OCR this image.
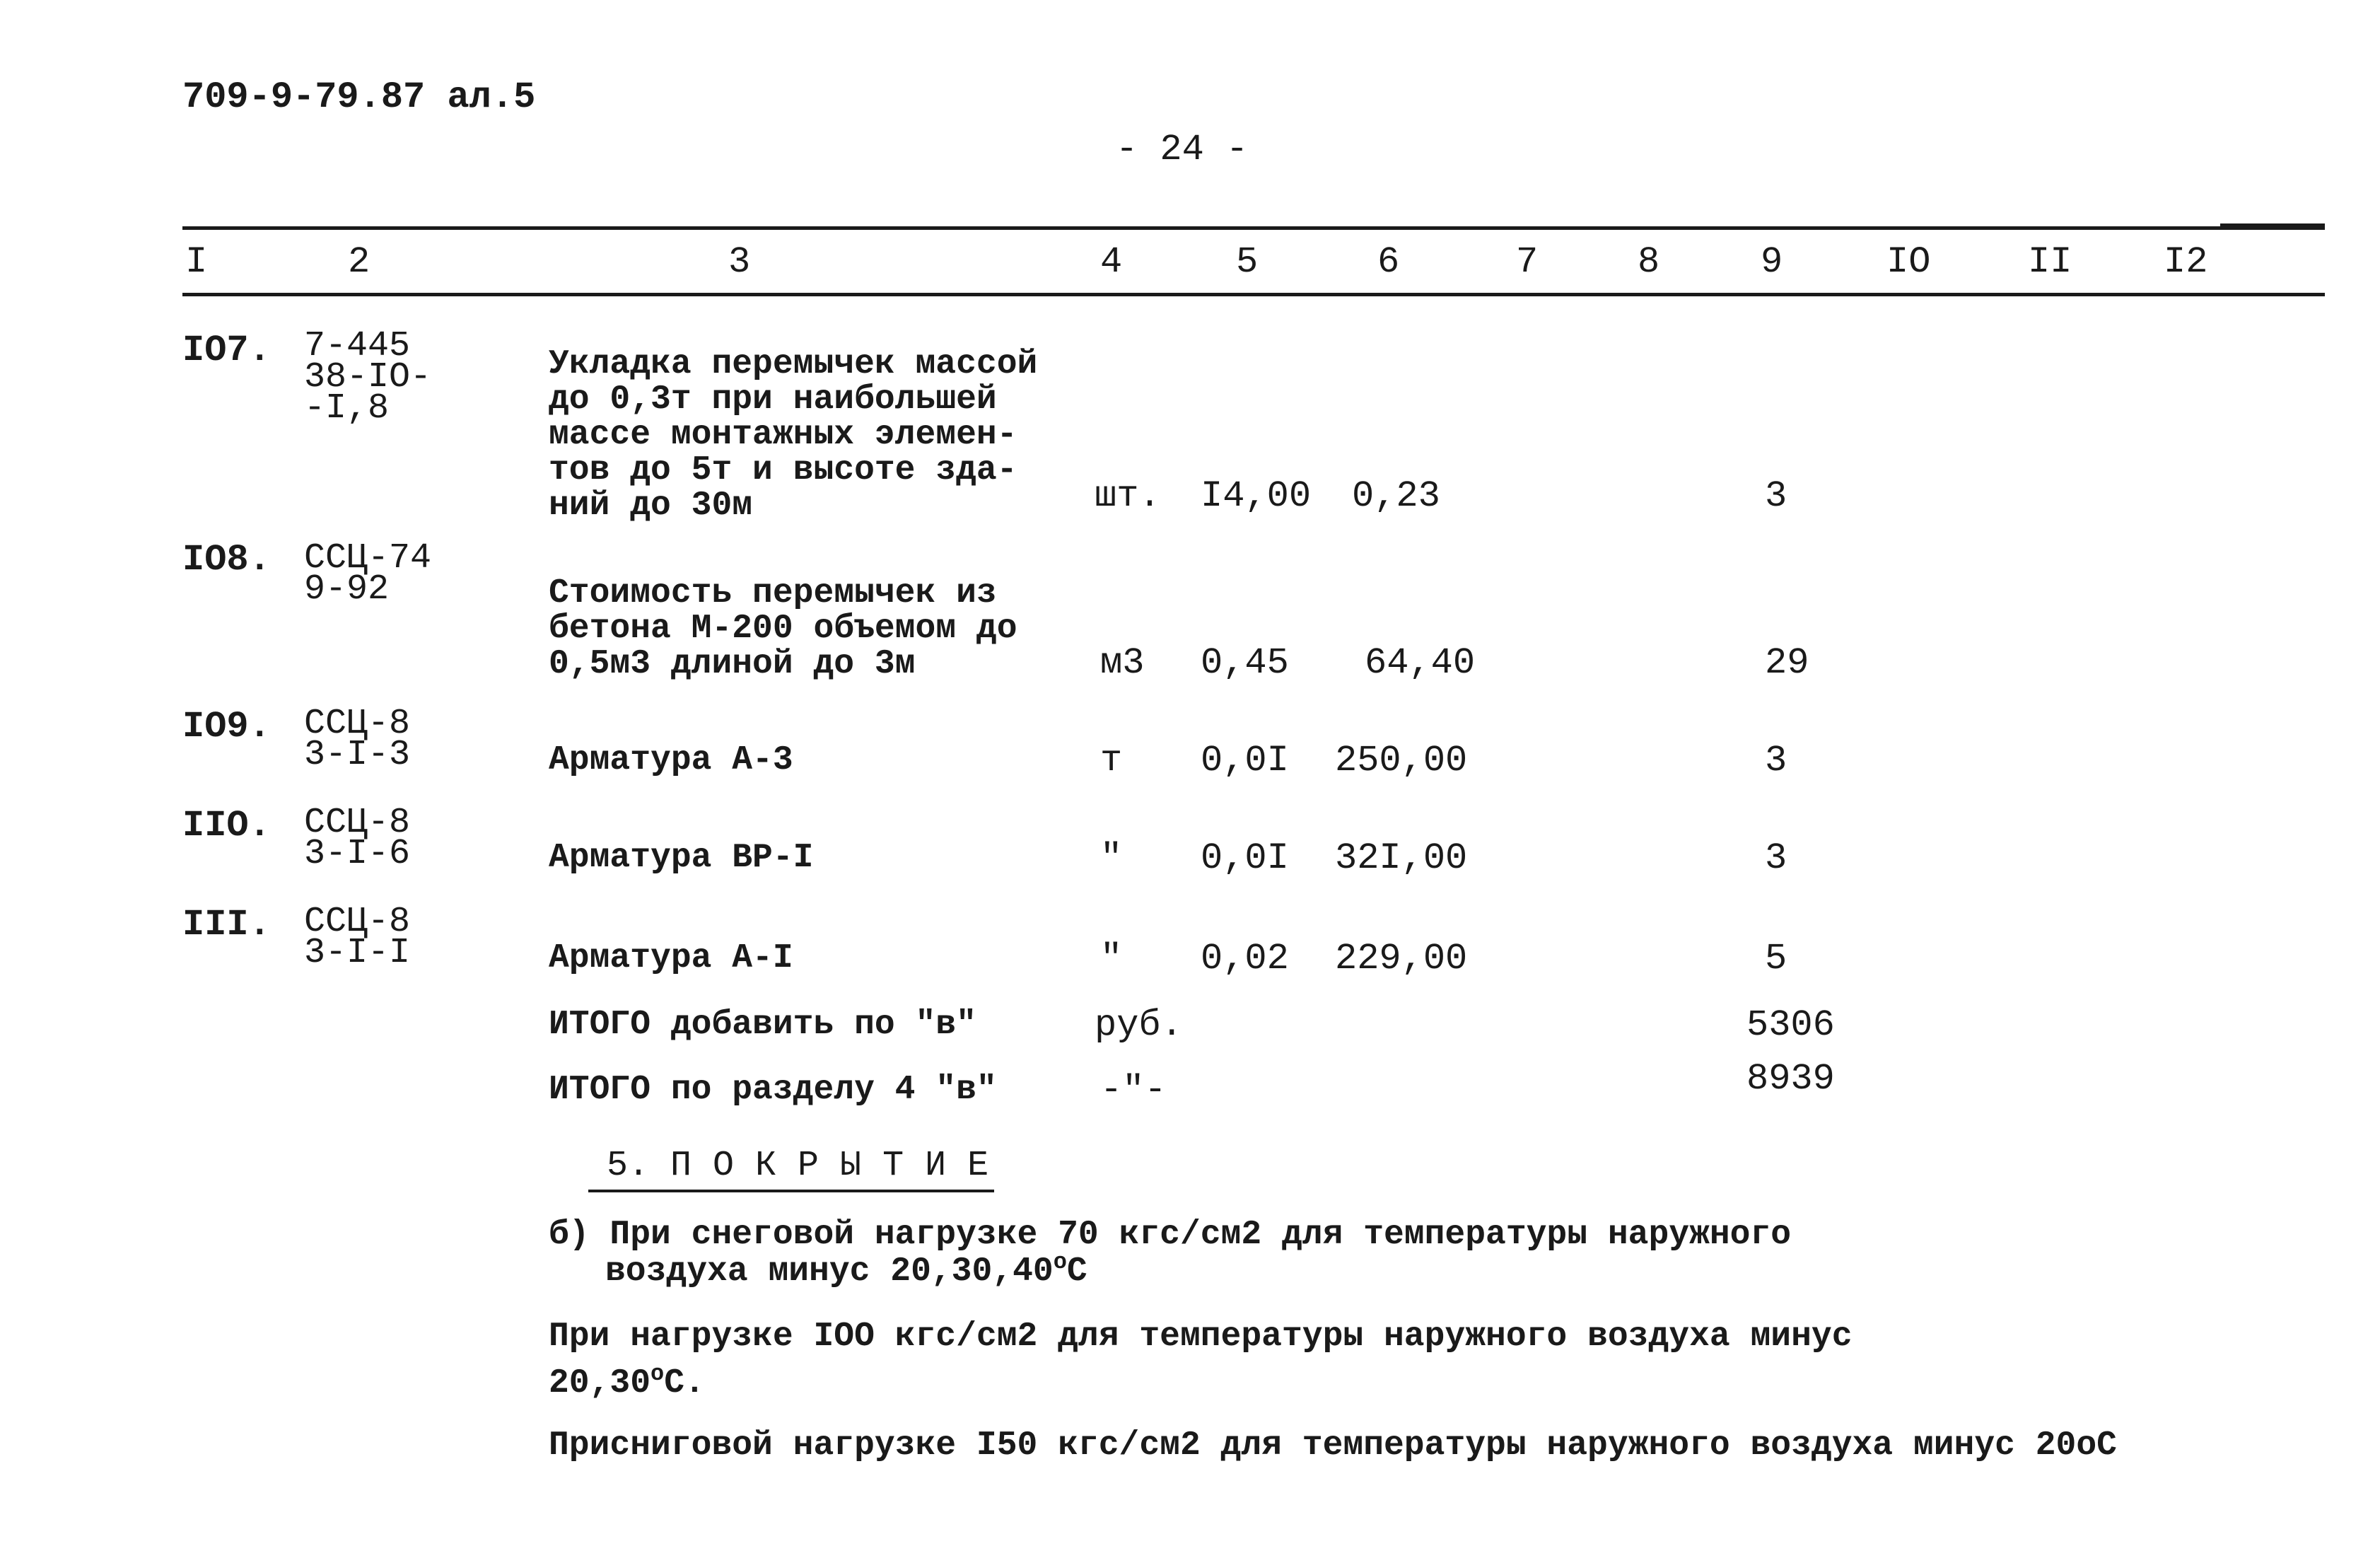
709-9-79.87 ал.5
- 24 -
I	2	3	4	5	6	7	8	9	IO	II I2
IO7. 7-445
38-IO-
-I,8
Укладка перемычек массой
до 0,3т при наибольшей
массе монтажных элемен-
тов до 5т и высоте зда-
ний до 30м	шт. I4,00 0,23	3
IO8. ССЦ-74
9-92	Стоимость перемычек из
бетона М-200 объемом до
0,5м3 длиной до 3м	м3 0,45 64,40	29
IO9. ССЦ-8
3-I-3	Арматура А-3	т 0,0I 250,00	3
IIO. ССЦ-8
3-I-6	Арматура ВР-I	" 0,0I 32I,00	3
III. ССЦ-8
3-I-I	Арматура А-I	" 0,02 229,00	5
ИТОГО добавить по "в"	руб.	5306
ИТОГО по разделу 4 "в"	-"-	8939
5. П О К Р Ы Т И Е
б) При снеговой нагрузке 70 кгс/см2 для температуры наружного
воздуха минус 20,30,40$^o$С
При нагрузке IOO кгс/см2 для температуры наружного воздуха минус
20,30$^o$С.
Присниговой нагрузке I50 кгс/см2 для температуры наружного воздуха минус 20оС
